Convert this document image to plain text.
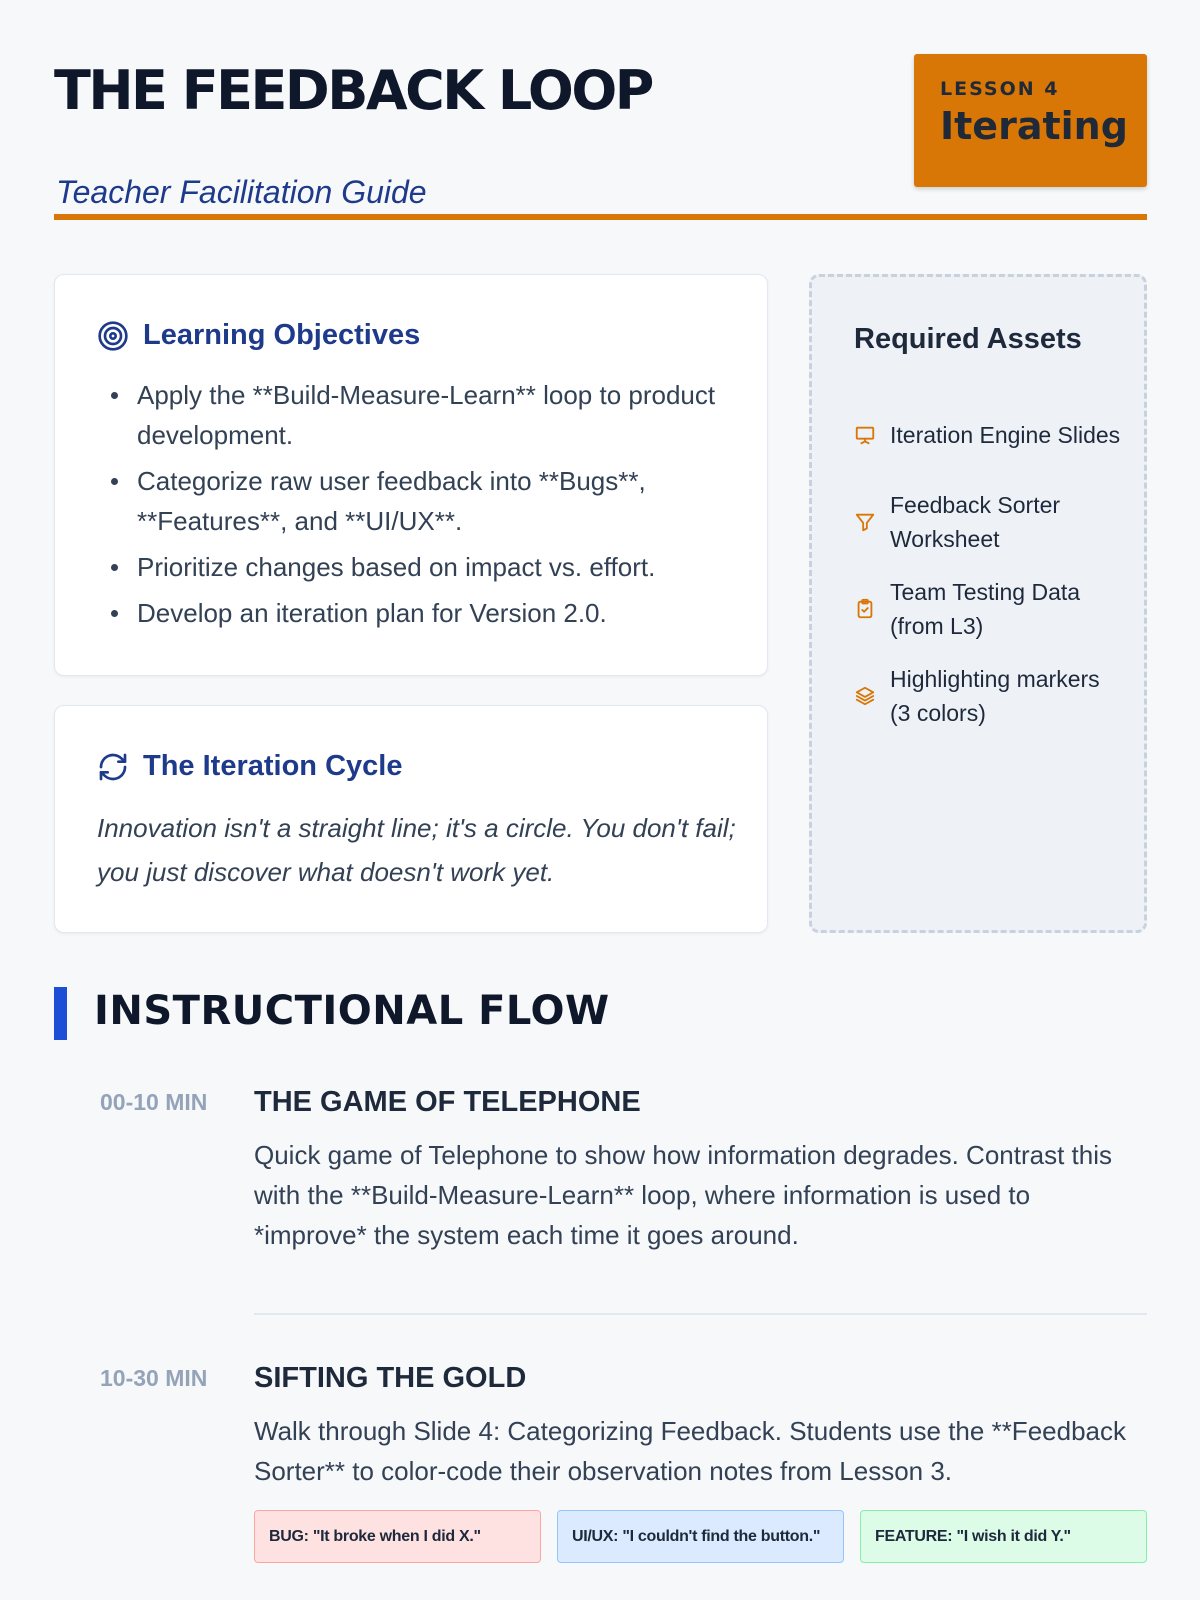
THE FEEDBACK LOOP
Teacher Facilitation Guide
LESSON 4
Iterating
Learning Objectives
Apply the **Build-Measure-Learn** loop to product development.
Categorize raw user feedback into **Bugs**, **Features**, and **UI/UX**.
Prioritize changes based on impact vs. effort.
Develop an iteration plan for Version 2.0.
The Iteration Cycle
Innovation isn't a straight line; it's a circle. You don't fail; you just discover what doesn't work yet.
Required Assets
Iteration Engine Slides
Feedback Sorter Worksheet
Team Testing Data (from L3)
Highlighting markers (3 colors)
INSTRUCTIONAL FLOW
00-10 MIN THE GAME OF TELEPHONE
Quick game of Telephone to show how information degrades. Contrast this with the **Build-Measure-Learn** loop, where information is used to *improve* the system each time it goes around.
10-30 MIN SIFTING THE GOLD
Walk through Slide 4: Categorizing Feedback. Students use the **Feedback Sorter** to color-code their observation notes from Lesson 3.
BUG: "It broke when I did X."	UI/UX: "I couldn't find the button."	FEATURE: "I wish it did Y."
